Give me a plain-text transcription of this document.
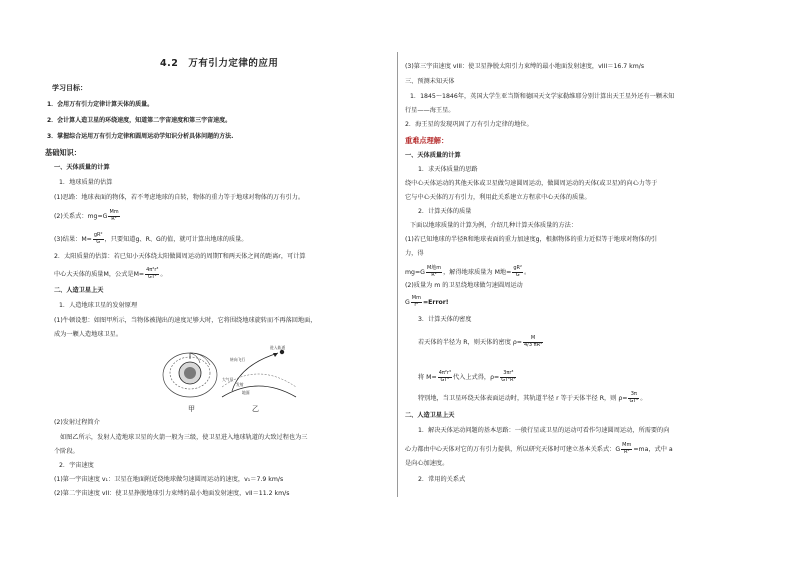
4.2　万有引力定律的应用
学习目标：
1．会用万有引力定律计算天体的质量。
2．会计算人造卫星的环绕速度，知道第二宇宙速度和第三宇宙速度。
3．掌握综合运用万有引力定律和圆周运动学知识分析具体问题的方法.
基础知识：
一、天体质量的计算
1．地球质量的估算
(1)思路：地球表面的物体，若不考虑地球的自转，物体的重力等于地球对物体的万有引力。
(2)关系式：$mg=G \frac{Mm}{\text{R²}}$
(3)结果：$M= \frac{\text{gR²}}{G}$ ，只要知道g、R、G的值，就可计算出地球的质量。
2．太阳质量的估算：若已知小天体绕太阳做圆周运动的周期T和两天体之间的距离r，可计算
中心大天体的质量M，公式是$M= \frac{\text{4π²r³}}{\text{GT²}}$ 。
二、人造卫星上天
1．人造地球卫星的发射原理
(1)牛顿设想：如图甲所示，当物体被抛出的速度足够大时，它将围绕地球旋转而不再落回地面，
成为一颗人造地球卫星。
甲
进入轨道
转向飞行
大气层
发射
地面
乙
(2)发射过程简介
如图乙所示，发射人造地球卫星的火箭一般为三级，使卫星进入地球轨道的大致过程也为三
个阶段。
2．宇宙速度
(1)第一宇宙速度 v₁：卫星在地面附近绕地球做匀速圆周运动的速度，v₁＝7.9 km/s
(2)第二宇宙速度 vII：使卫星挣脱地球引力束缚的最小地面发射速度，vII＝11.2 km/s
(3)第三宇宙速度 vIII：使卫星挣脱太阳引力束缚的最小地面发射速度，vIII＝16.7 km/s
三、预测未知天体
1．1845～1846年，英国大学生亚当斯和德国天文学家勒维耶分别计算出天王星外还有一颗未知
行星——海王星。
2．海王星的发现巩固了万有引力定律的地位。
重难点理解：
一、天体质量的计算
1．求天体质量的思路
绕中心天体运动的其他天体或卫星做匀速圆周运动，做圆周运动的天体(或卫星)的向心力等于
它与中心天体的万有引力，利用此关系建立方程求中心天体的质量。
2．计算天体的质量
下面以地球质量的计算为例，介绍几种计算天体质量的方法：
(1)若已知地球的半径R和地球表面的重力加速度g，根据物体的重力近似等于地球对物体的引
力，得
$mg=G \frac{\text{M地m}}{\text{R²}}$ ，解得地球质量为 M地= $\frac{\text{gR²}}{G}$ 。
(2)质量为 m 的卫星绕地球做匀速圆周运动
G $\frac{Mm}{\text{r²}}$ =Error!
3．计算天体的密度
若天体的半径为 R，则天体的密度 $\rho= \frac{M}{\text{4/3 πR³}}$
将 $M= \frac{\text{4π²r³}}{\text{GT²}}$ 代入上式得，$\rho= \frac{\text{3πr³}}{\text{GT²R³}}$
特别地，当卫星环绕天体表面运动时，其轨道半径 r 等于天体半径 R，则 $\rho= \frac{3\pi}{\text{GT²}}$ 。
二、人造卫星上天
1．解决天体运动问题的基本思路：一般行星或卫星的运动可看作匀速圆周运动，所需要的向
心力都由中心天体对它的万有引力提供，所以研究天体时可建立基本关系式：G $\frac{Mm}{\text{R²}} =ma$，式中 a
是向心加速度。
2．常用的关系式
